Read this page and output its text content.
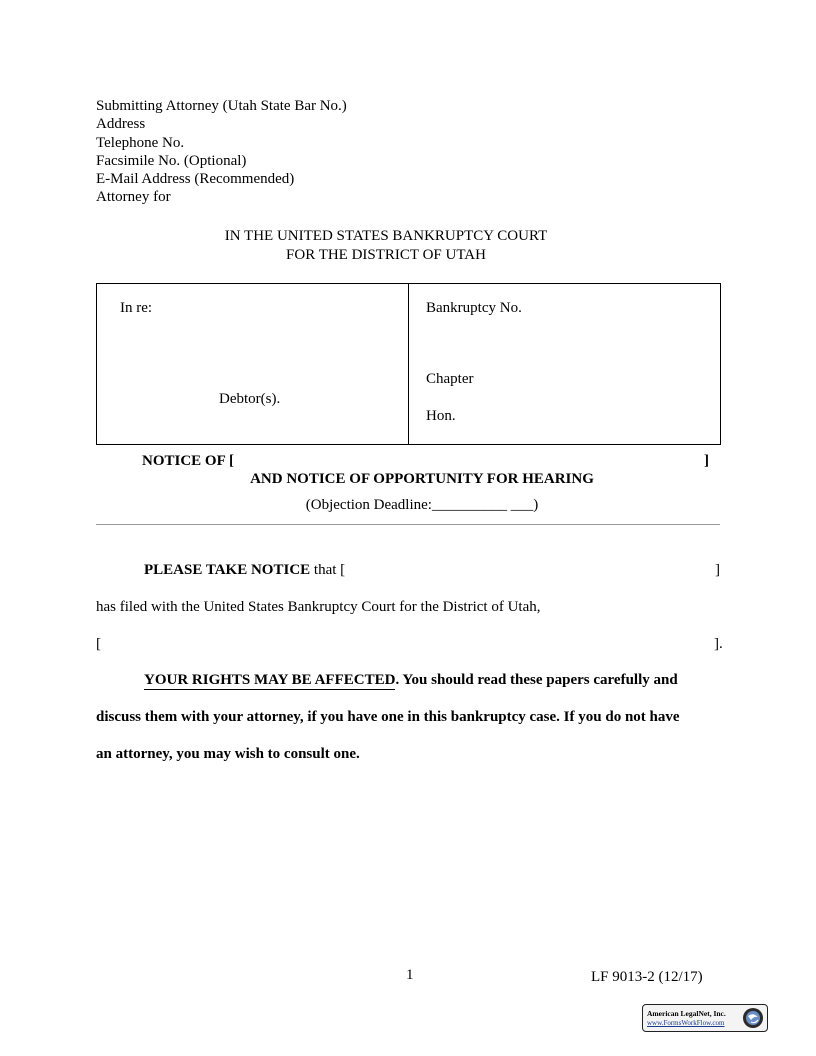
Submitting Attorney (Utah State Bar No.)
Address
Telephone No.
Facsimile No. (Optional)
E-Mail Address (Recommended)
Attorney for
IN THE UNITED STATES BANKRUPTCY COURT
FOR THE DISTRICT OF UTAH
In re:
Debtor(s).
Bankruptcy No.
Chapter
Hon.
NOTICE OF [	]
AND NOTICE OF OPPORTUNITY FOR HEARING
(Objection Deadline:__________ ___)
PLEASE TAKE NOTICE that [	]
has filed with the United States Bankruptcy Court for the District of Utah,
[	].
YOUR RIGHTS MAY BE AFFECTED. You should read these papers carefully and
discuss them with your attorney, if you have one in this bankruptcy case. If you do not have
an attorney, you may wish to consult one.
1	LF 9013-2 (12/17)
American LegalNet, Inc.
www.FormsWorkFlow.com
